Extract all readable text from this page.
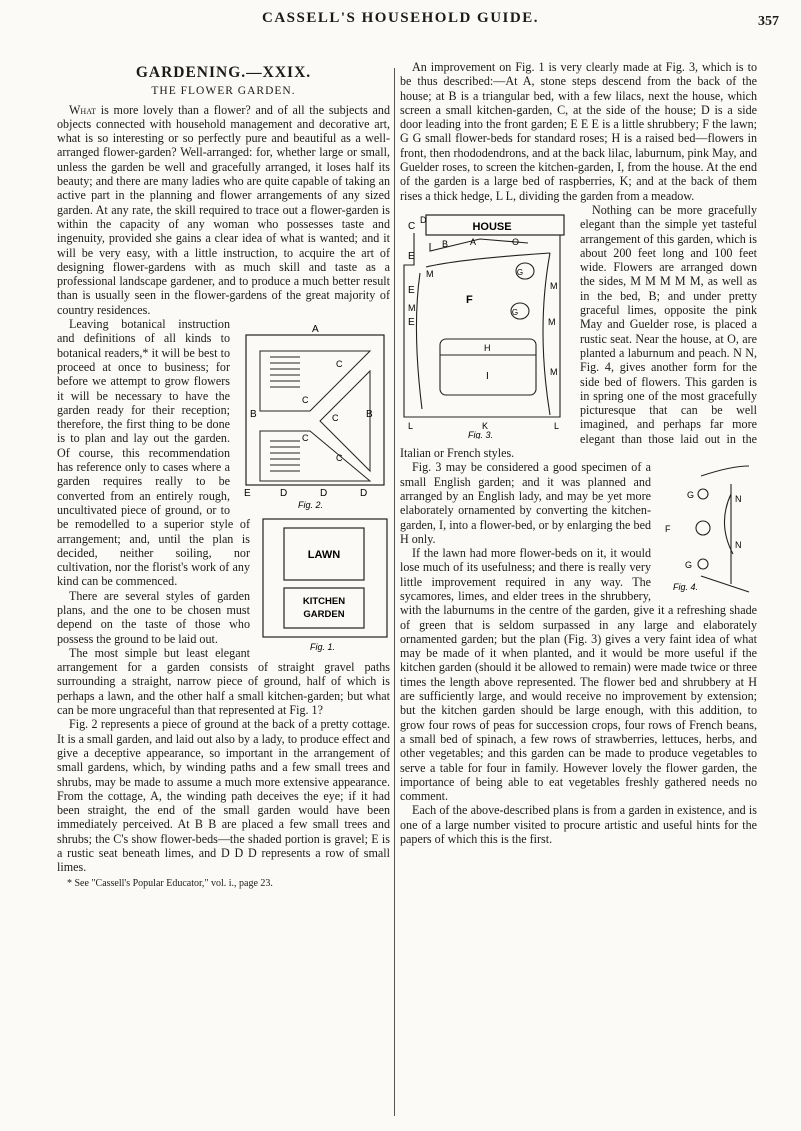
CASSELL'S HOUSEHOLD GUIDE.	357
GARDENING.—XXIX.
THE FLOWER GARDEN.

What is more lovely than a flower? and of all the subjects and objects connected with household management and decorative art, what is so interesting or so perfectly pure and beautiful as a well-arranged flower-garden? Well-arranged: for, whether large or small, unless the garden be well and gracefully arranged, it loses half its beauty; and there are many ladies who are quite capable of taking an active part in the planning and flower arrangements of any sized garden. At any rate, the skill required to trace out a flower-garden is within the capacity of any woman who possesses taste and ingenuity, provided she gains a clear idea of what is wanted; and it will be very easy, with a little instruction, to acquire the art of designing flower-gardens with as much skill and taste as a professional landscape gardener, and to produce a much better result than is usually seen in the flower-gardens of the great majority of country residences.

A
B	B
C
C
C
C
C
E	D	D	D
Fig. 2.
LAWN
KITCHEN
GARDEN
Fig. 1.

Leaving botanical instruction and definitions of all kinds to botanical readers,* it will be best to proceed at once to business; for before we attempt to grow flowers it will be necessary to have the garden ready for their reception; therefore, the first thing to be done is to plan and lay out the garden. Of course, this recommendation has reference only to cases where a garden requires really to be converted from an entirely rough, uncultivated piece of ground, or to be remodelled to a superior style of arrangement; and, until the plan is decided, neither soiling, nor cultivation, nor the florist's work of any kind can be commenced.

There are several styles of garden plans, and the one to be chosen must depend on the taste of those who possess the ground to be laid out.

The most simple but least elegant arrangement for a garden consists of straight gravel paths surrounding a straight, narrow piece of ground, half of which is perhaps a lawn, and the other half a small kitchen-garden; but what can be more ungraceful than that represented at Fig. 1?

Fig. 2 represents a piece of ground at the back of a pretty cottage. It is a small garden, and laid out also by a lady, to produce effect and give a deceptive appearance, so important in the arrangement of small gardens, which, by winding paths and a few small trees and shrubs, may be made to assume a much more extensive appearance. From the cottage, A, the winding path deceives the eye; if it had been straight, the end of the small garden would have been immediately perceived. At B B are placed a few small trees and shrubs; the C's show flower-beds—the shaded portion is gravel; E is a rustic seat beneath limes, and D D D represents a row of small limes.

* See "Cassell's Popular Educator," vol. i., page 23.

An improvement on Fig. 1 is very clearly made at Fig. 3, which is to be thus described:—At A, stone steps descend from the back of the house; at B is a triangular bed, with a few lilacs, next the house, which screen a small kitchen-garden, C, at the side of the house; D is a side door leading into the front garden; E E E is a little shrubbery; F the lawn; G G small flower-beds for standard roses; H is a raised bed—flowers in front, then rhododendrons, and at the back lilac, laburnum, pink May, and Guelder roses, to screen the kitchen-garden, I, from the house. At the end of the garden is a large bed of raspberries, K; and at the back of them rises a thick hedge, L L, dividing the garden from a meadow.

HOUSE
G
G
C
D
B A	O
E
E
E
M
M
M
M
M
F
H
I
L	K	L
Fig. 3.

Nothing can be more gracefully elegant than the simple yet tasteful arrangement of this garden, which is about 200 feet long and 100 feet wide. Flowers are arranged down the sides, M M M M M, as well as in the bed, B; and under pretty graceful limes, opposite the pink May and Guelder rose, is placed a rustic seat. Near the house, at O, are planted a laburnum and peach. N N, Fig. 4, gives another form for the side bed of flowers. This garden is in spring one of the most gracefully picturesque that can be well imagined, and perhaps far more elegant than those laid out in the Italian or French styles.

G
G
F
N
N
Fig. 4.

Fig. 3 may be considered a good specimen of a small English garden; and it was planned and arranged by an English lady, and may be yet more elaborately ornamented by converting the kitchen-garden, I, into a flower-bed, or by enlarging the bed H only.

If the lawn had more flower-beds on it, it would lose much of its usefulness; and there is really very little improvement required in any way. The sycamores, limes, and elder trees in the shrubbery, with the laburnums in the centre of the garden, give it a refreshing shade of green that is seldom surpassed in any large and elaborately ornamented garden; but the plan (Fig. 3) gives a very faint idea of what may be made of it when planted, and it would be more useful if the kitchen garden (should it be allowed to remain) were made twice or three times the length above represented. The flower bed and shrubbery at H are sufficiently large, and would receive no improvement by extension; but the kitchen garden should be large enough, with this addition, to grow four rows of peas for succession crops, four rows of French beans, a small bed of spinach, a few rows of strawberries, lettuces, herbs, and other vegetables; and this garden can be made to produce vegetables to serve a table for four in family. However lovely the flower garden, the importance of being able to eat vegetables freshly gathered needs no comment.

Each of the above-described plans is from a garden in existence, and is one of a large number visited to procure artistic and useful hints for the papers of which this is the first.
